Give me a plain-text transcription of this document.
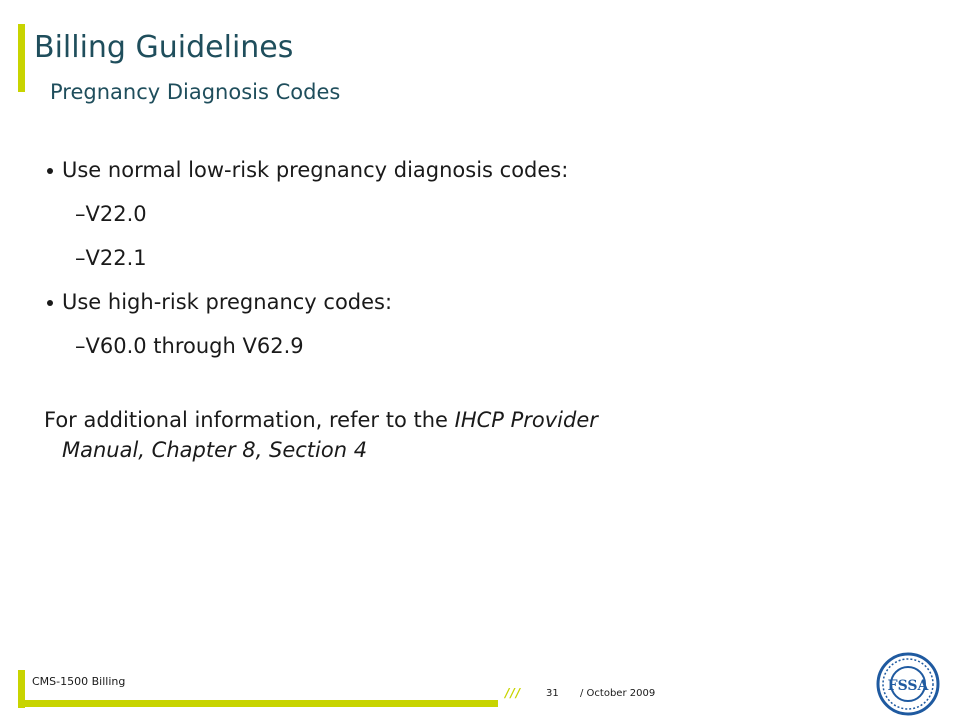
Billing Guidelines
Pregnancy Diagnosis Codes
Use normal low-risk pregnancy diagnosis codes:
–V22.0
–V22.1
Use high-risk pregnancy codes:
–V60.0 through V62.9
For additional information, refer to the IHCP Provider Manual, Chapter 8, Section 4
CMS-1500 Billing
/// 31 / October 2009	FSSA
